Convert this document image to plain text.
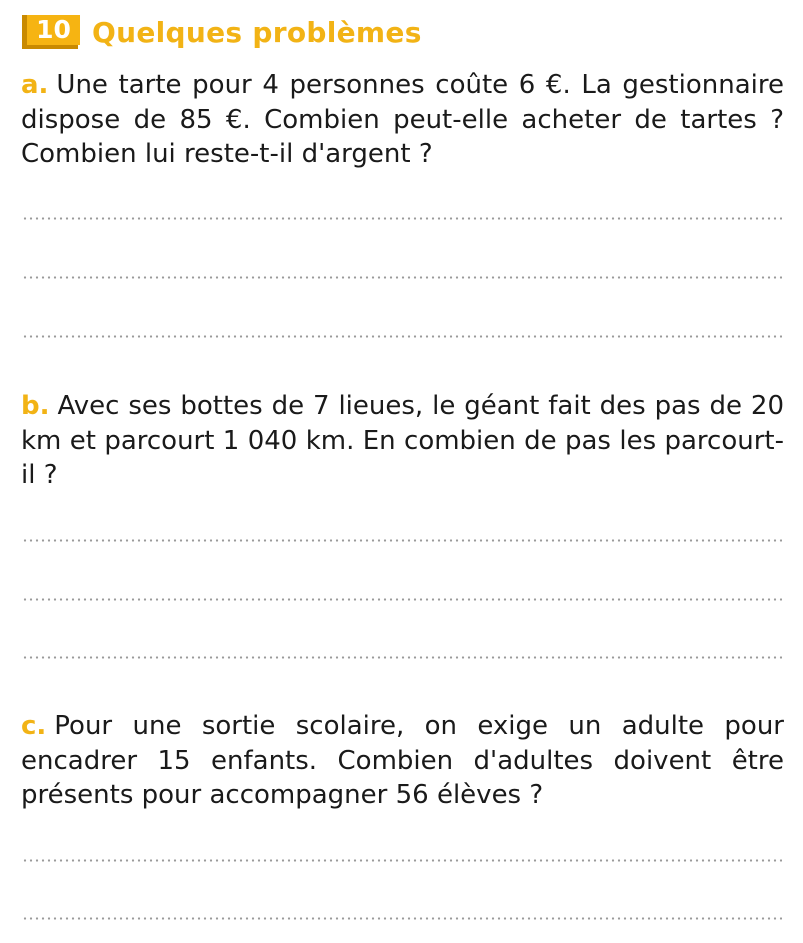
10 Quelques problèmes
a. Une tarte pour 4 personnes coûte 6 €. La gestionnaire dispose de 85 €. Combien peut-elle acheter de tartes ? Combien lui reste-t-il d'argent ?
b. Avec ses bottes de 7 lieues, le géant fait des pas de 20 km et parcourt 1 040 km. En combien de pas les parcourt-il ?
c. Pour une sortie scolaire, on exige un adulte pour encadrer 15 enfants. Combien d'adultes doivent être présents pour accompagner 56 élèves ?
